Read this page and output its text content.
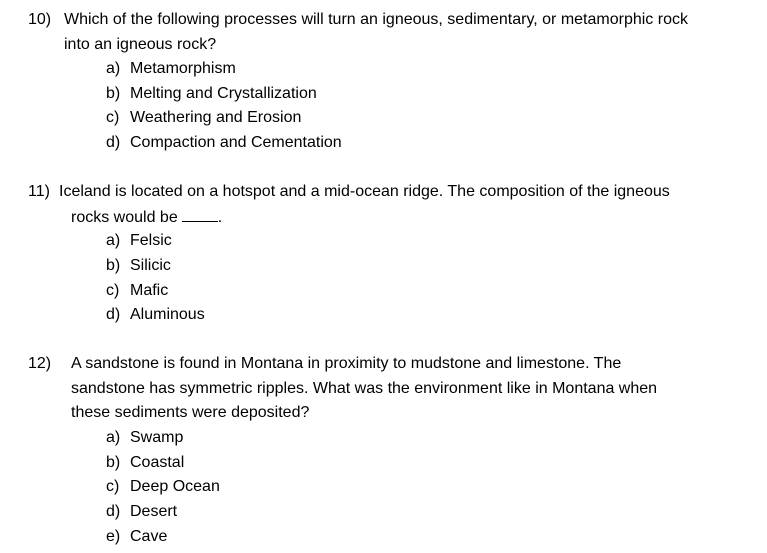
10) Which of the following processes will turn an igneous, sedimentary, or metamorphic rock
into an igneous rock?
a) Metamorphism
b) Melting and Crystallization
c) Weathering and Erosion
d) Compaction and Cementation
11) Iceland is located on a hotspot and a mid-ocean ridge. The composition of the igneous
rocks would be	.
a) Felsic
b) Silicic
c) Mafic
d) Aluminous
12) A sandstone is found in Montana in proximity to mudstone and limestone. The
sandstone has symmetric ripples. What was the environment like in Montana when
these sediments were deposited?
a) Swamp
b) Coastal
c) Deep Ocean
d) Desert
e) Cave
